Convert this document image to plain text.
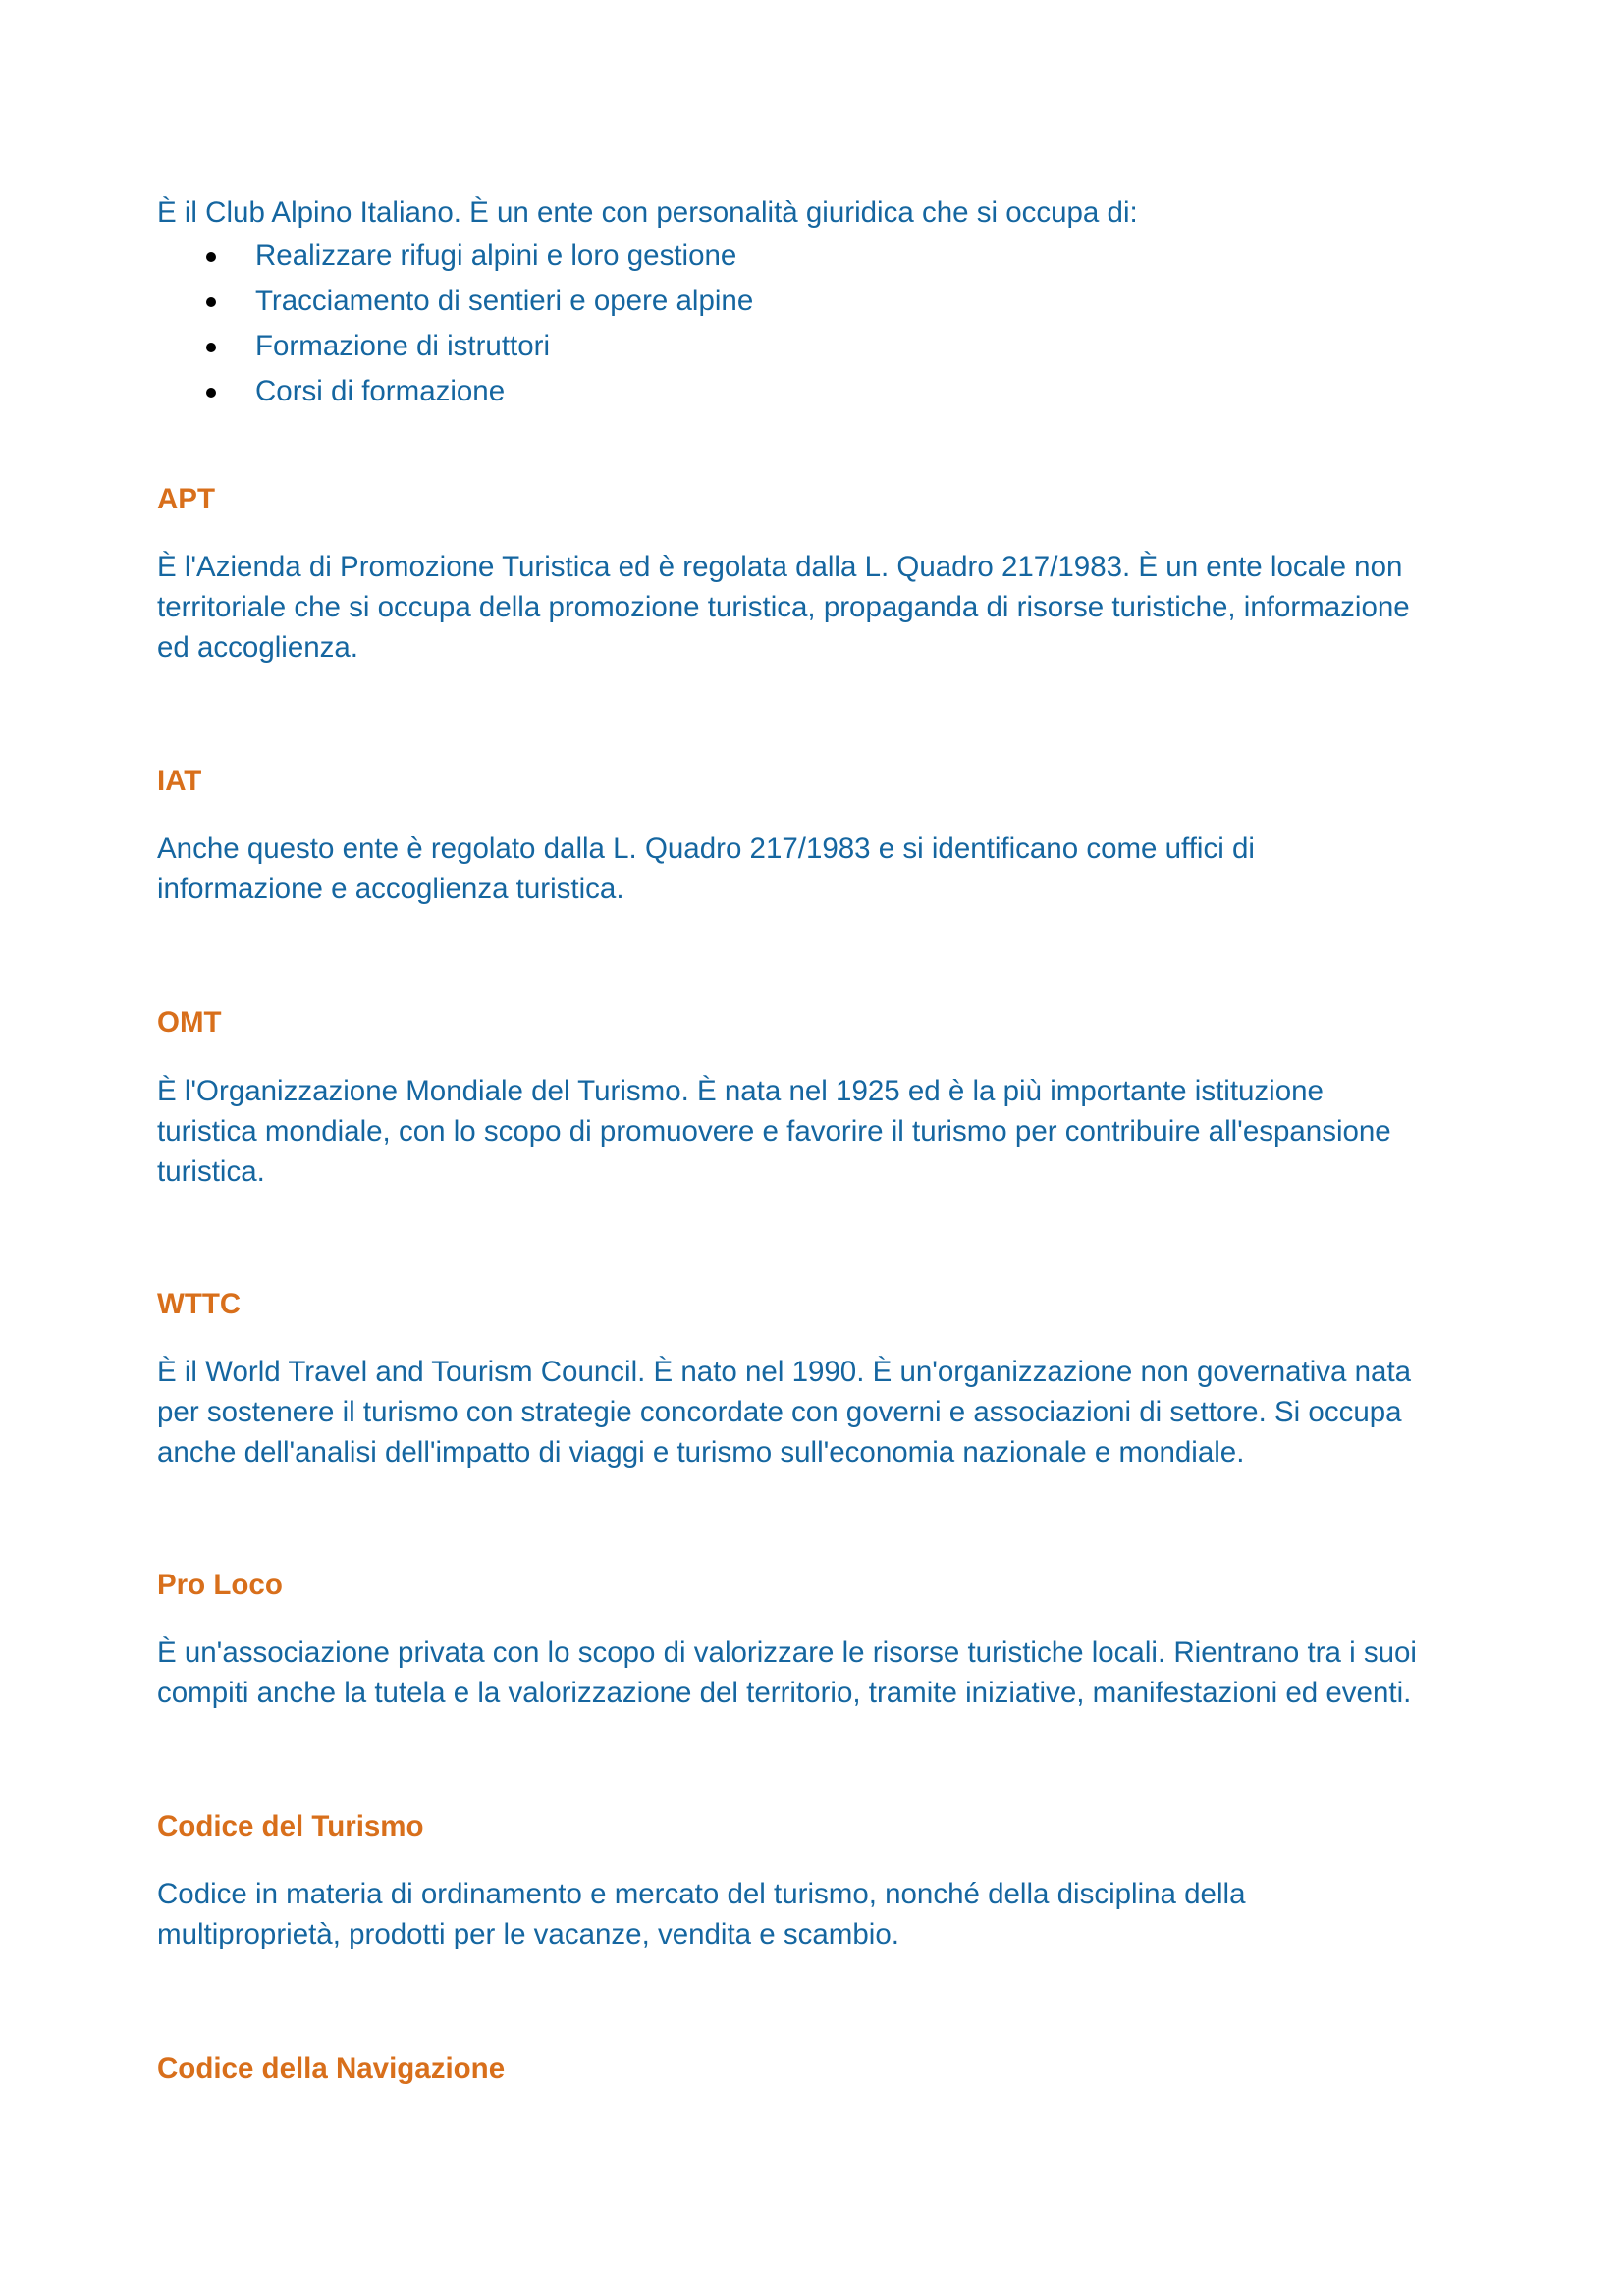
È il Club Alpino Italiano. È un ente con personalità giuridica che si occupa di:
Realizzare rifugi alpini e loro gestione
Tracciamento di sentieri e opere alpine
Formazione di istruttori
Corsi di formazione
APT
È l'Azienda di Promozione Turistica ed è regolata dalla L. Quadro 217/1983. È un ente locale non
territoriale che si occupa della promozione turistica, propaganda di risorse turistiche, informazione
ed accoglienza.
IAT
Anche questo ente è regolato dalla L. Quadro 217/1983 e si identificano come uffici di
informazione e accoglienza turistica.
OMT
È l'Organizzazione Mondiale del Turismo. È nata nel 1925 ed è la più importante istituzione
turistica mondiale, con lo scopo di promuovere e favorire il turismo per contribuire all'espansione
turistica.
WTTC
È il World Travel and Tourism Council. È nato nel 1990. È un'organizzazione non governativa nata
per sostenere il turismo con strategie concordate con governi e associazioni di settore. Si occupa
anche dell'analisi dell'impatto di viaggi e turismo sull'economia nazionale e mondiale.
Pro Loco
È un'associazione privata con lo scopo di valorizzare le risorse turistiche locali. Rientrano tra i suoi
compiti anche la tutela e la valorizzazione del territorio, tramite iniziative, manifestazioni ed eventi.
Codice del Turismo
Codice in materia di ordinamento e mercato del turismo, nonché della disciplina della
multiproprietà, prodotti per le vacanze, vendita e scambio.
Codice della Navigazione
